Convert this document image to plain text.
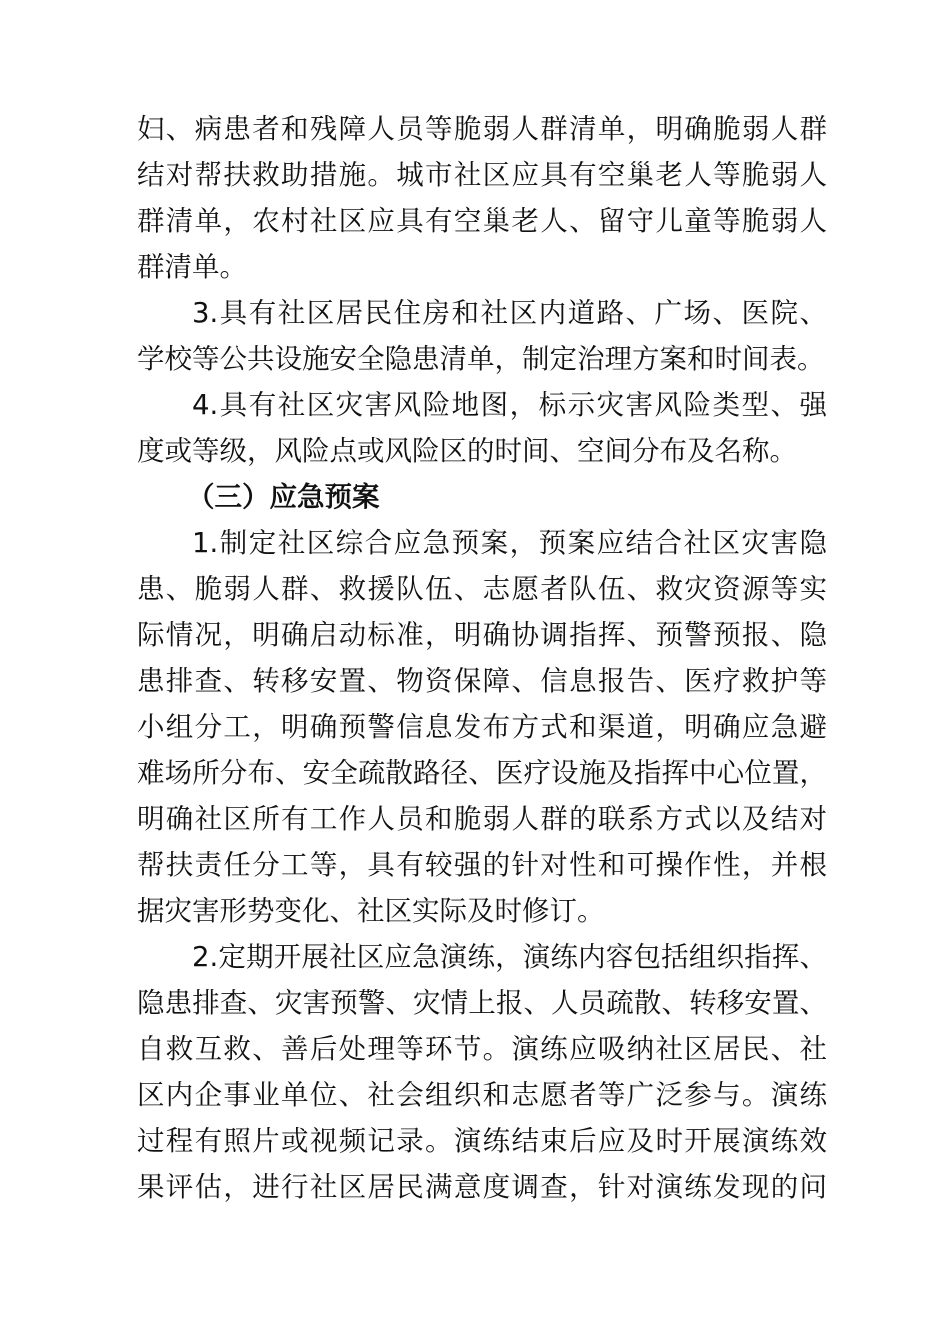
妇、病患者和残障人员等脆弱人群清单，明确脆弱人群
结对帮扶救助措施。城市社区应具有空巢老人等脆弱人
群清单，农村社区应具有空巢老人、留守儿童等脆弱人
群清单。
3.具有社区居民住房和社区内道路、广场、医院、
学校等公共设施安全隐患清单，制定治理方案和时间表。
4.具有社区灾害风险地图，标示灾害风险类型、强
度或等级，风险点或风险区的时间、空间分布及名称。
（三）应急预案
1.制定社区综合应急预案，预案应结合社区灾害隐
患、脆弱人群、救援队伍、志愿者队伍、救灾资源等实
际情况，明确启动标准，明确协调指挥、预警预报、隐
患排查、转移安置、物资保障、信息报告、医疗救护等
小组分工，明确预警信息发布方式和渠道，明确应急避
难场所分布、安全疏散路径、医疗设施及指挥中心位置，
明确社区所有工作人员和脆弱人群的联系方式以及结对
帮扶责任分工等，具有较强的针对性和可操作性，并根
据灾害形势变化、社区实际及时修订。
2.定期开展社区应急演练，演练内容包括组织指挥、
隐患排查、灾害预警、灾情上报、人员疏散、转移安置、
自救互救、善后处理等环节。演练应吸纳社区居民、社
区内企事业单位、社会组织和志愿者等广泛参与。演练
过程有照片或视频记录。演练结束后应及时开展演练效
果评估，进行社区居民满意度调查，针对演练发现的问
